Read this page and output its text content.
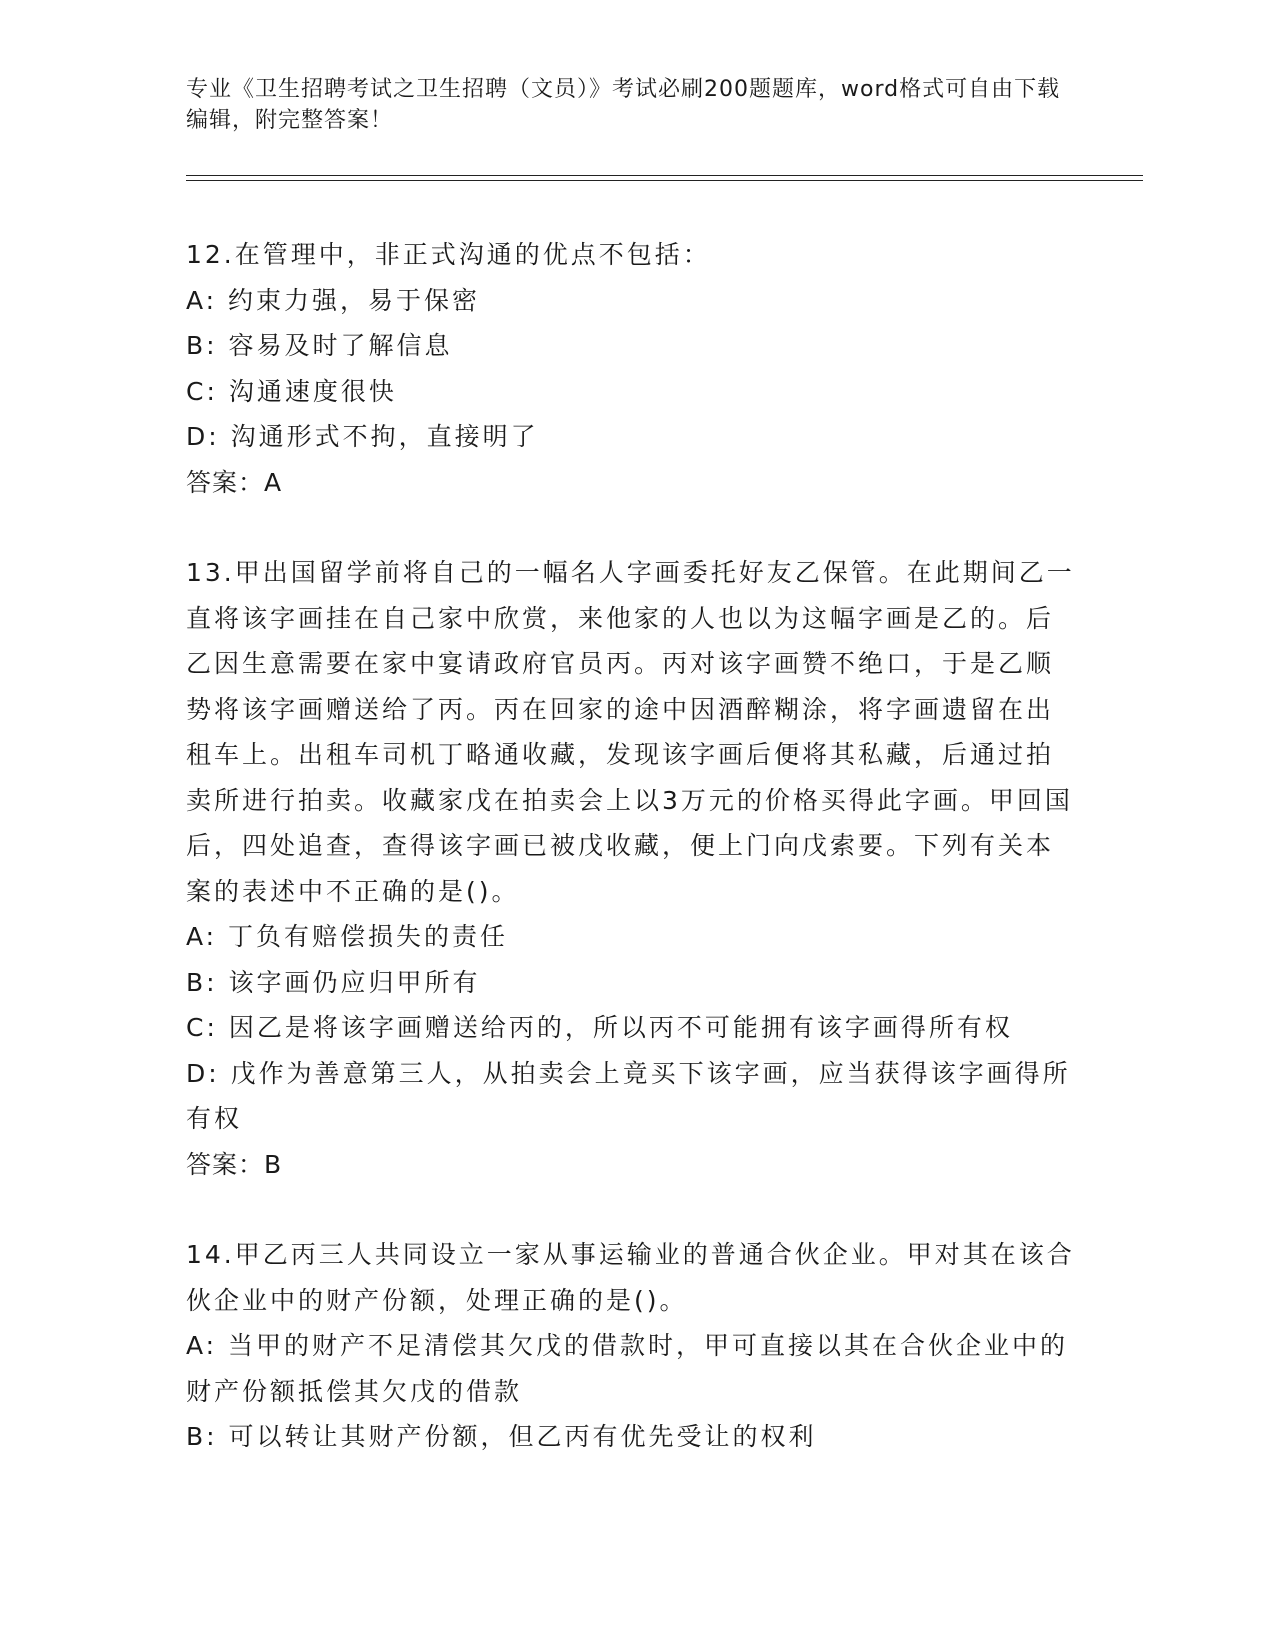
专业《卫生招聘考试之卫生招聘（文员）》考试必刷200题题库，word格式可自由下载编辑，附完整答案！

12.在管理中，非正式沟通的优点不包括：

A: 约束力强，易于保密

B: 容易及时了解信息

C: 沟通速度很快

D: 沟通形式不拘，直接明了

答案：A

13.甲出国留学前将自己的一幅名人字画委托好友乙保管。在此期间乙一直将该字画挂在自己家中欣赏，来他家的人也以为这幅字画是乙的。后乙因生意需要在家中宴请政府官员丙。丙对该字画赞不绝口，于是乙顺势将该字画赠送给了丙。丙在回家的途中因酒醉糊涂，将字画遗留在出租车上。出租车司机丁略通收藏，发现该字画后便将其私藏，后通过拍卖所进行拍卖。收藏家戊在拍卖会上以3万元的价格买得此字画。甲回国后，四处追查，查得该字画已被戊收藏，便上门向戊索要。下列有关本案的表述中不正确的是()。

A: 丁负有赔偿损失的责任

B: 该字画仍应归甲所有

C: 因乙是将该字画赠送给丙的，所以丙不可能拥有该字画得所有权

D: 戊作为善意第三人，从拍卖会上竟买下该字画，应当获得该字画得所有权

答案：B

14.甲乙丙三人共同设立一家从事运输业的普通合伙企业。甲对其在该合伙企业中的财产份额，处理正确的是()。

A: 当甲的财产不足清偿其欠戊的借款时，甲可直接以其在合伙企业中的财产份额抵偿其欠戊的借款

B: 可以转让其财产份额，但乙丙有优先受让的权利
